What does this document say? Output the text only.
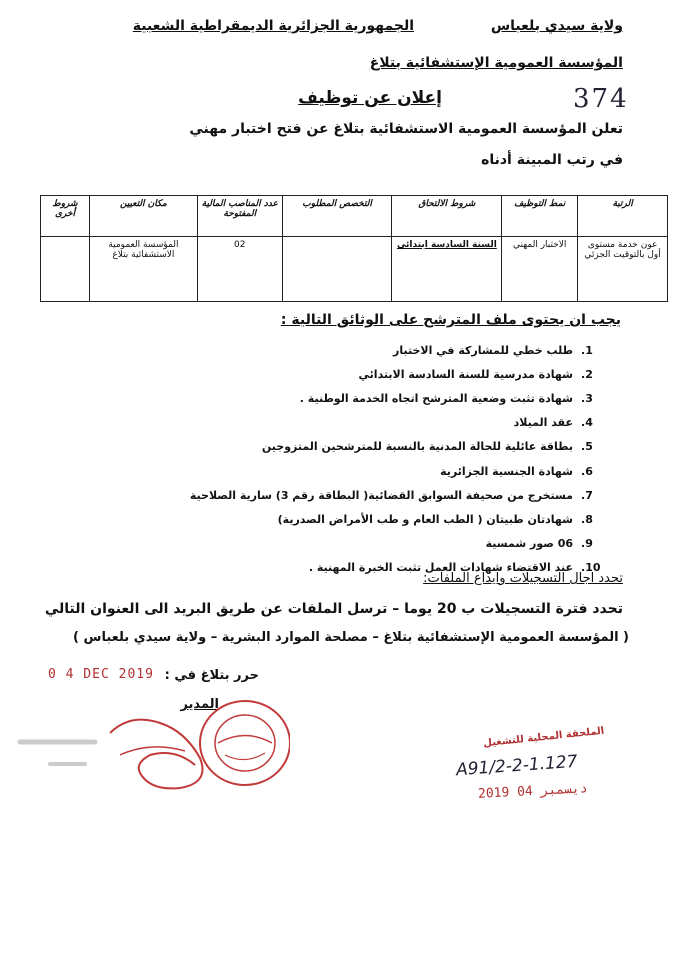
ولاية سيدي بلعباس
الجمهورية الجزائرية الديمقراطية الشعبية
المؤسسة العمومية الإستشفائية بتلاغ
374
إعلان عن توظيف
تعلن المؤسسة العمومية الاستشفائية بتلاغ عن فتح اختبار مهني
في رتب المبينة أدناه
الرتبة	نمط التوظيف	شروط الالتحاق	التخصص المطلوب	عدد المناصب المالية المفتوحة	مكان التعيين	شروط أخرى
عون خدمة مستوى أول بالتوقيت الجزئي	الاختبار المهني	السنة السادسة ابتدائي		02	المؤسسة العمومية الاستشفائية بتلاغ	
يجب ان يحتوى ملف المترشح على الوثائق التالية :
1.
طلب خطي للمشاركة في الاختبار
2.
شهادة مدرسية للسنة السادسة الابتدائي
3.
شهادة تثبت وضعية المترشح اتجاه الخدمة الوطنية .
4.
عقد الميلاد
5.
بطاقة عائلية للحالة المدنية بالنسبة للمترشحين المتزوجين
6.
شهادة الجنسية الجزائرية
7.
مستخرج من صحيفة السوابق القضائية( البطاقة رقم 3) سارية الصلاحية
8.
شهادتان طبيتان ( الطب العام و طب الأمراض الصدرية)
9.
06 صور شمسية
10.
عند الاقتضاء شهادات العمل تثبت الخبرة المهنية .
تحدد اجال التسجيلات وايداع الملفات:
تحدد فترة التسجيلات ب 20 يوما – ترسل الملفات عن طريق البريد الى العنوان التالي
( المؤسسة العمومية الإستشفائية بتلاغ – مصلحة الموارد البشرية – ولاية سيدي بلعباس )
حرر بتلاغ في :
0 4 DEC 2019
المدير
الملحقة المحلية للتشغيل
A91/2-2-1.127
2019 ديسمبر 04
